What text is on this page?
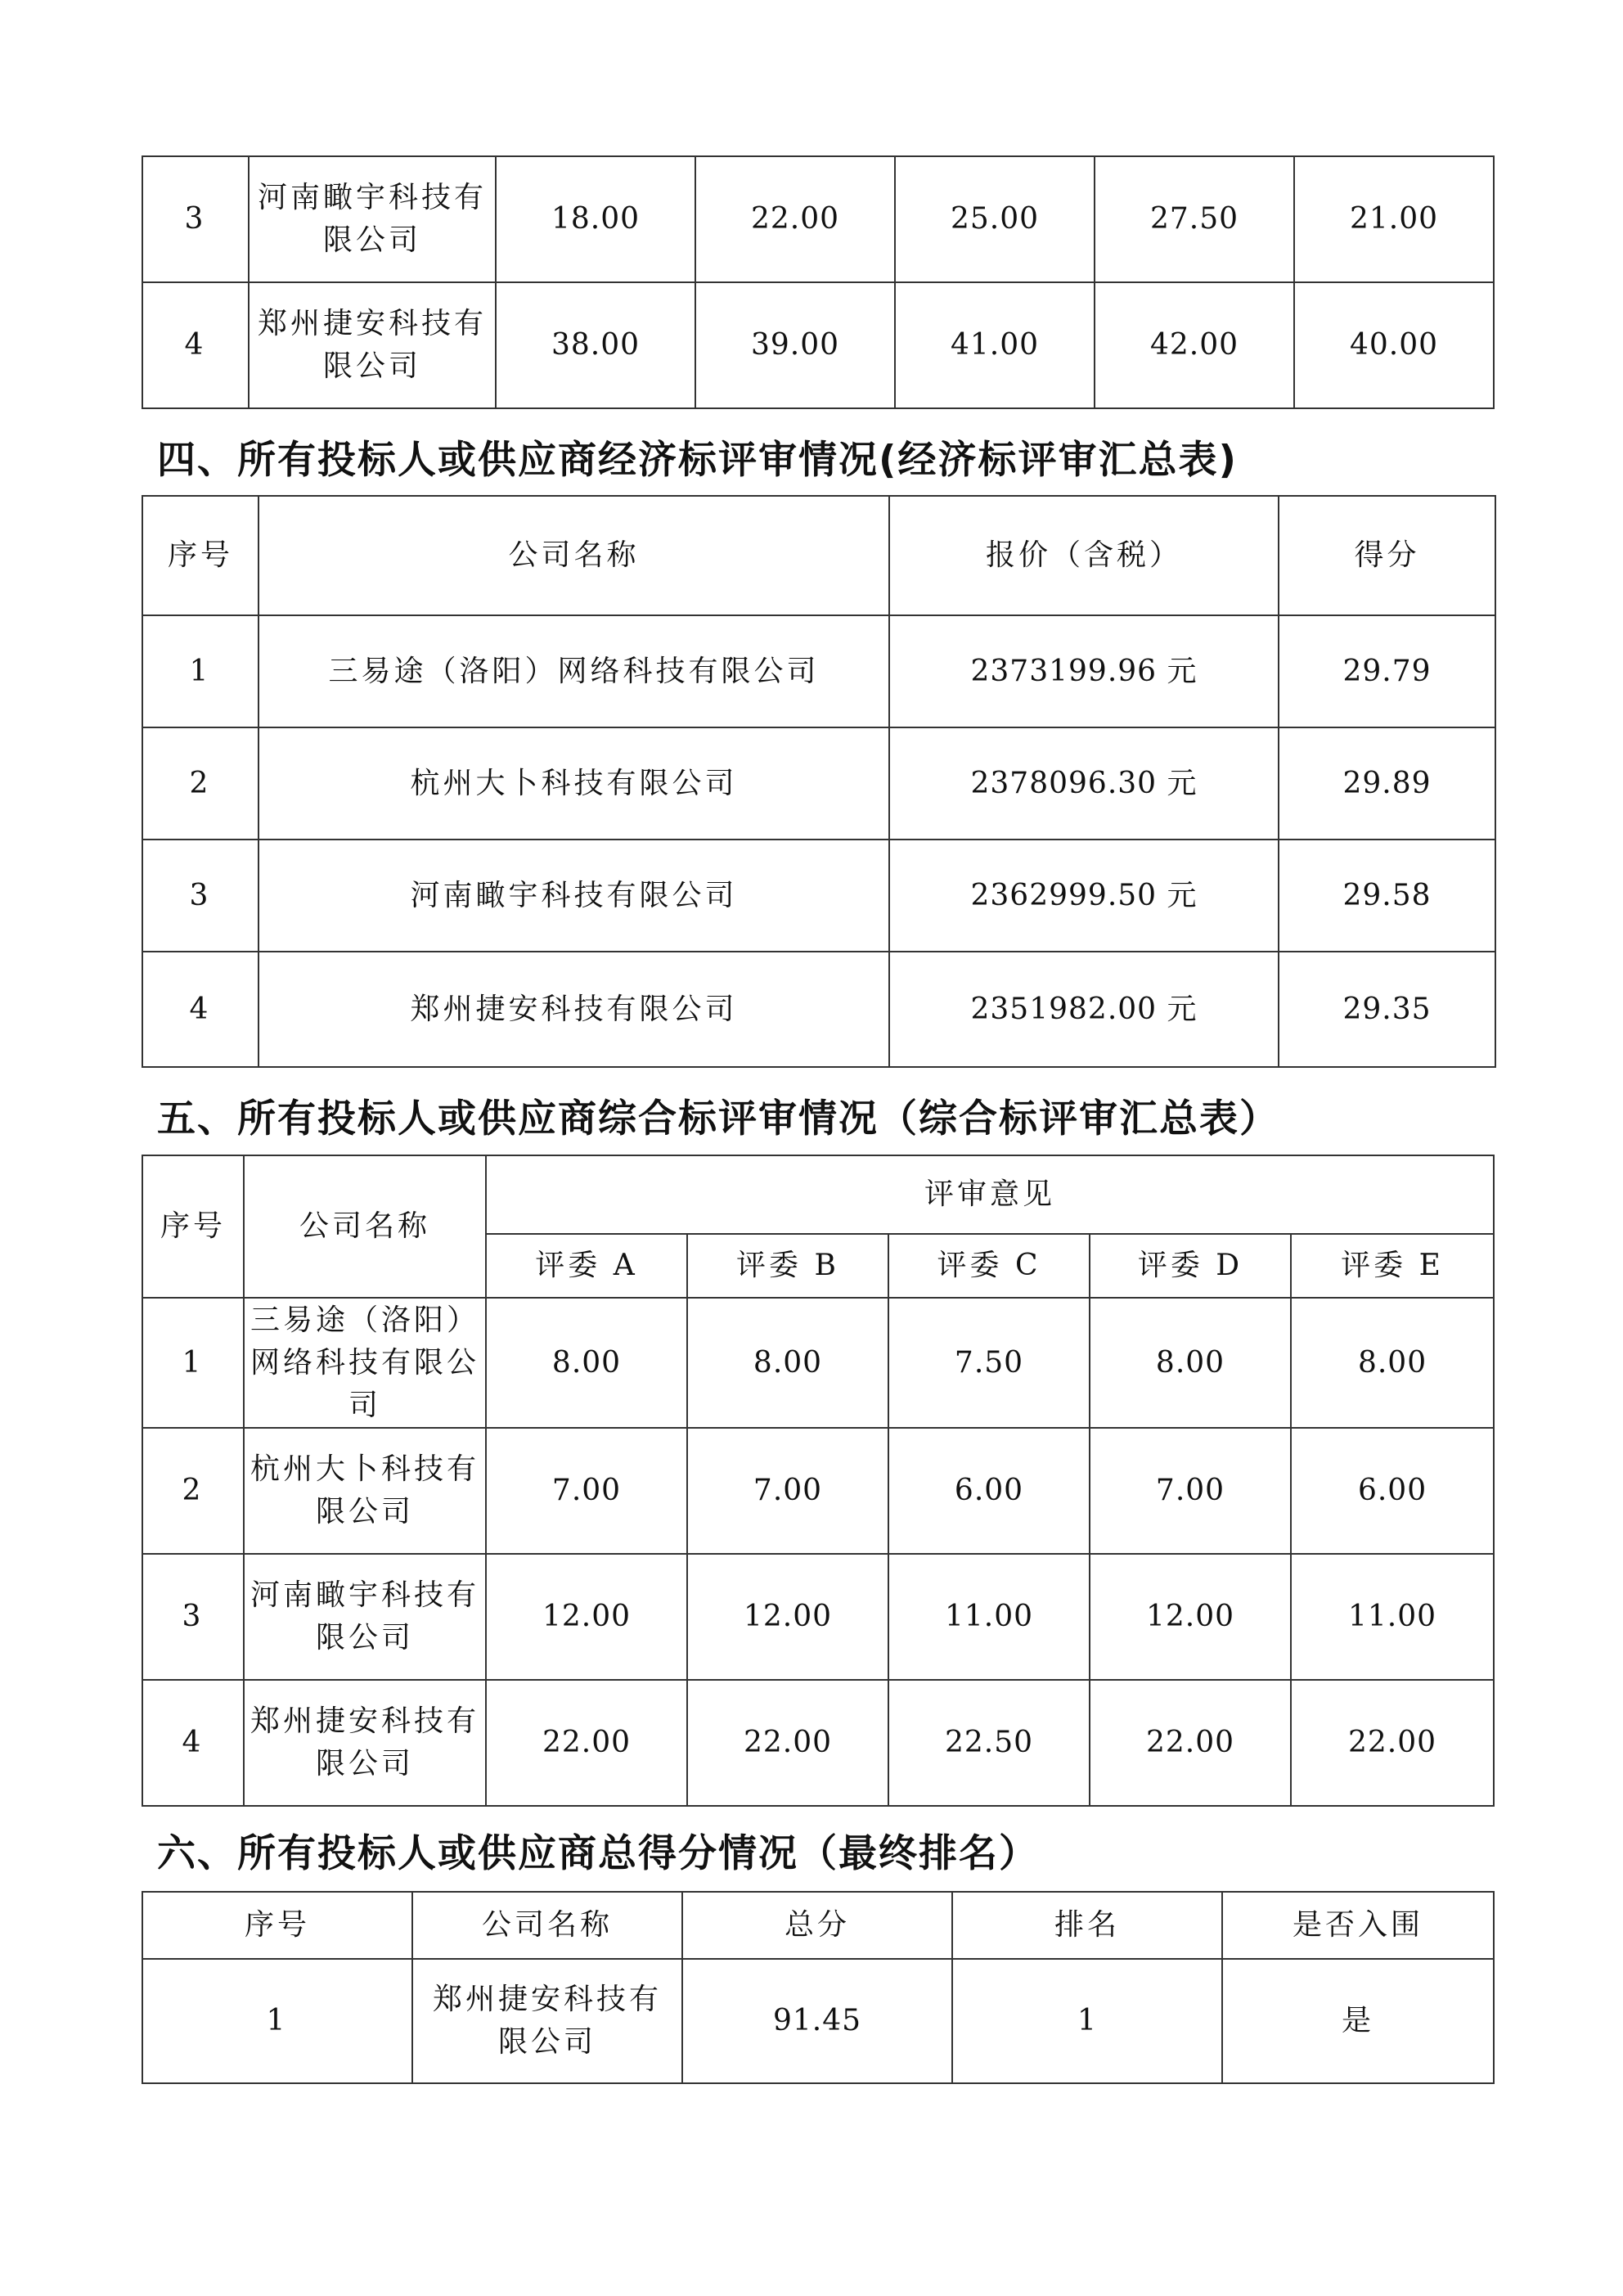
3	河南瞰宇科技有限公司	18.00	22.00	25.00	27.50	21.00
4	郑州捷安科技有限公司	38.00	39.00	41.00	42.00	40.00
四、所有投标人或供应商经济标评审情况(经济标评审汇总表)
序号	公司名称	报价（含税）	得分
1	三易途（洛阳）网络科技有限公司	2373199.96 元	29.79
2	杭州大卜科技有限公司	2378096.30 元	29.89
3	河南瞰宇科技有限公司	2362999.50 元	29.58
4	郑州捷安科技有限公司	2351982.00 元	29.35
五、所有投标人或供应商综合标评审情况（综合标评审汇总表）
序号	公司名称	评审意见				
		评委 A	评委 B	评委 C	评委 D	评委 E
1	三易途（洛阳）网络科技有限公司	8.00	8.00	7.50	8.00	8.00
2	杭州大卜科技有限公司	7.00	7.00	6.00	7.00	6.00
3	河南瞰宇科技有限公司	12.00	12.00	11.00	12.00	11.00
4	郑州捷安科技有限公司	22.00	22.00	22.50	22.00	22.00
六、所有投标人或供应商总得分情况（最终排名）
序号	公司名称	总分	排名	是否入围
1	郑州捷安科技有限公司	91.45	1	是
